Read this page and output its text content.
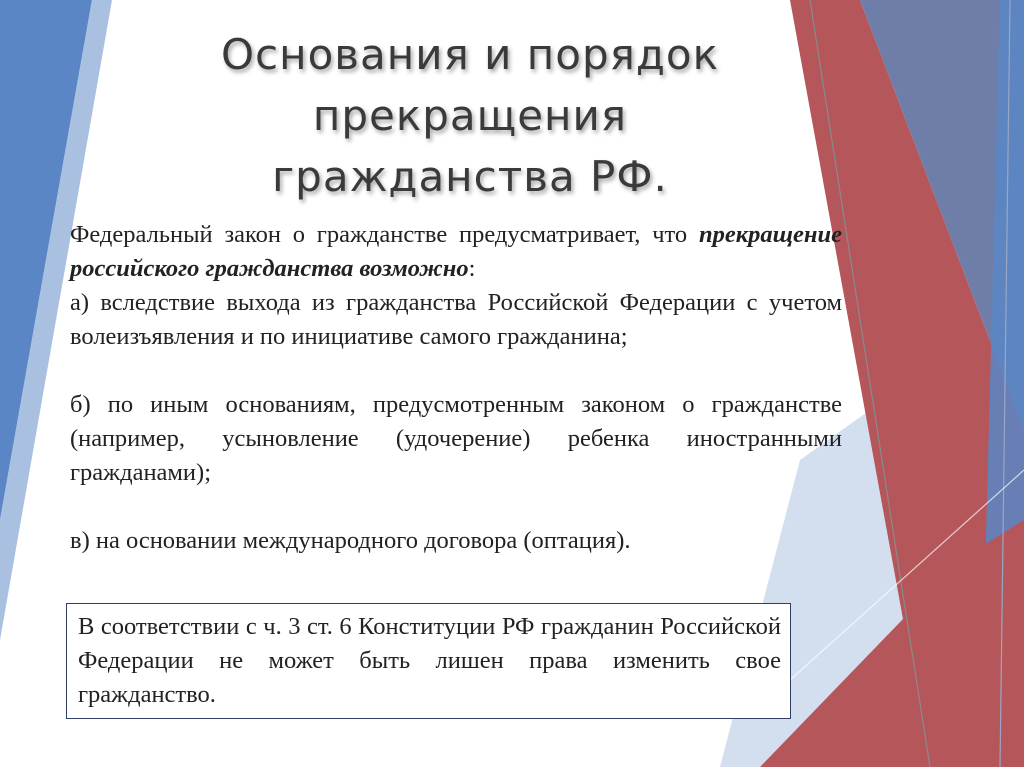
Основания и порядок
прекращения
гражданства РФ.

Федеральный закон о гражданстве предусматривает, что прекращение российского гражданства возможно:

а) вследствие выхода из гражданства Российской Федерации с учетом волеизъявления и по инициативе самого гражданина;

б) по иным основаниям, предусмотренным законом о гражданстве (например, усыновление (удочерение) ребенка иностранными гражданами);

в) на основании международного договора (оптация).

В соответствии с ч. 3 ст. 6 Конституции РФ гражданин Российской Федерации не может быть лишен права изменить свое гражданство.
